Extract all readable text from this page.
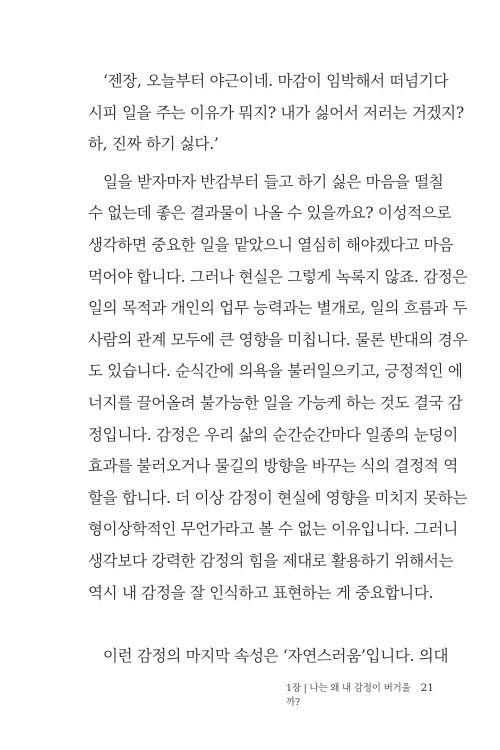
‘젠장, 오늘부터 야근이네. 마감이 임박해서 떠넘기다
시피 일을 주는 이유가 뭐지? 내가 싫어서 저러는 거겠지?
하, 진짜 하기 싫다.’
일을 받자마자 반감부터 들고 하기 싫은 마음을 떨칠
수 없는데 좋은 결과물이 나올 수 있을까요? 이성적으로
생각하면 중요한 일을 맡았으니 열심히 해야겠다고 마음
먹어야 합니다. 그러나 현실은 그렇게 녹록지 않죠. 감정은
일의 목적과 개인의 업무 능력과는 별개로, 일의 흐름과 두
사람의 관계 모두에 큰 영향을 미칩니다. 물론 반대의 경우
도 있습니다. 순식간에 의욕을 불러일으키고, 긍정적인 에
너지를 끌어올려 불가능한 일을 가능케 하는 것도 결국 감
정입니다. 감정은 우리 삶의 순간순간마다 일종의 눈덩이
효과를 불러오거나 물길의 방향을 바꾸는 식의 결정적 역
할을 합니다. 더 이상 감정이 현실에 영향을 미치지 못하는
형이상학적인 무언가라고 볼 수 없는 이유입니다. 그러니
생각보다 강력한 감정의 힘을 제대로 활용하기 위해서는
역시 내 감정을 잘 인식하고 표현하는 게 중요합니다.
이런 감정의 마지막 속성은 ‘자연스러움’입니다. 의대
1장 | 나는 왜 내 감정이 버거울까?
21
